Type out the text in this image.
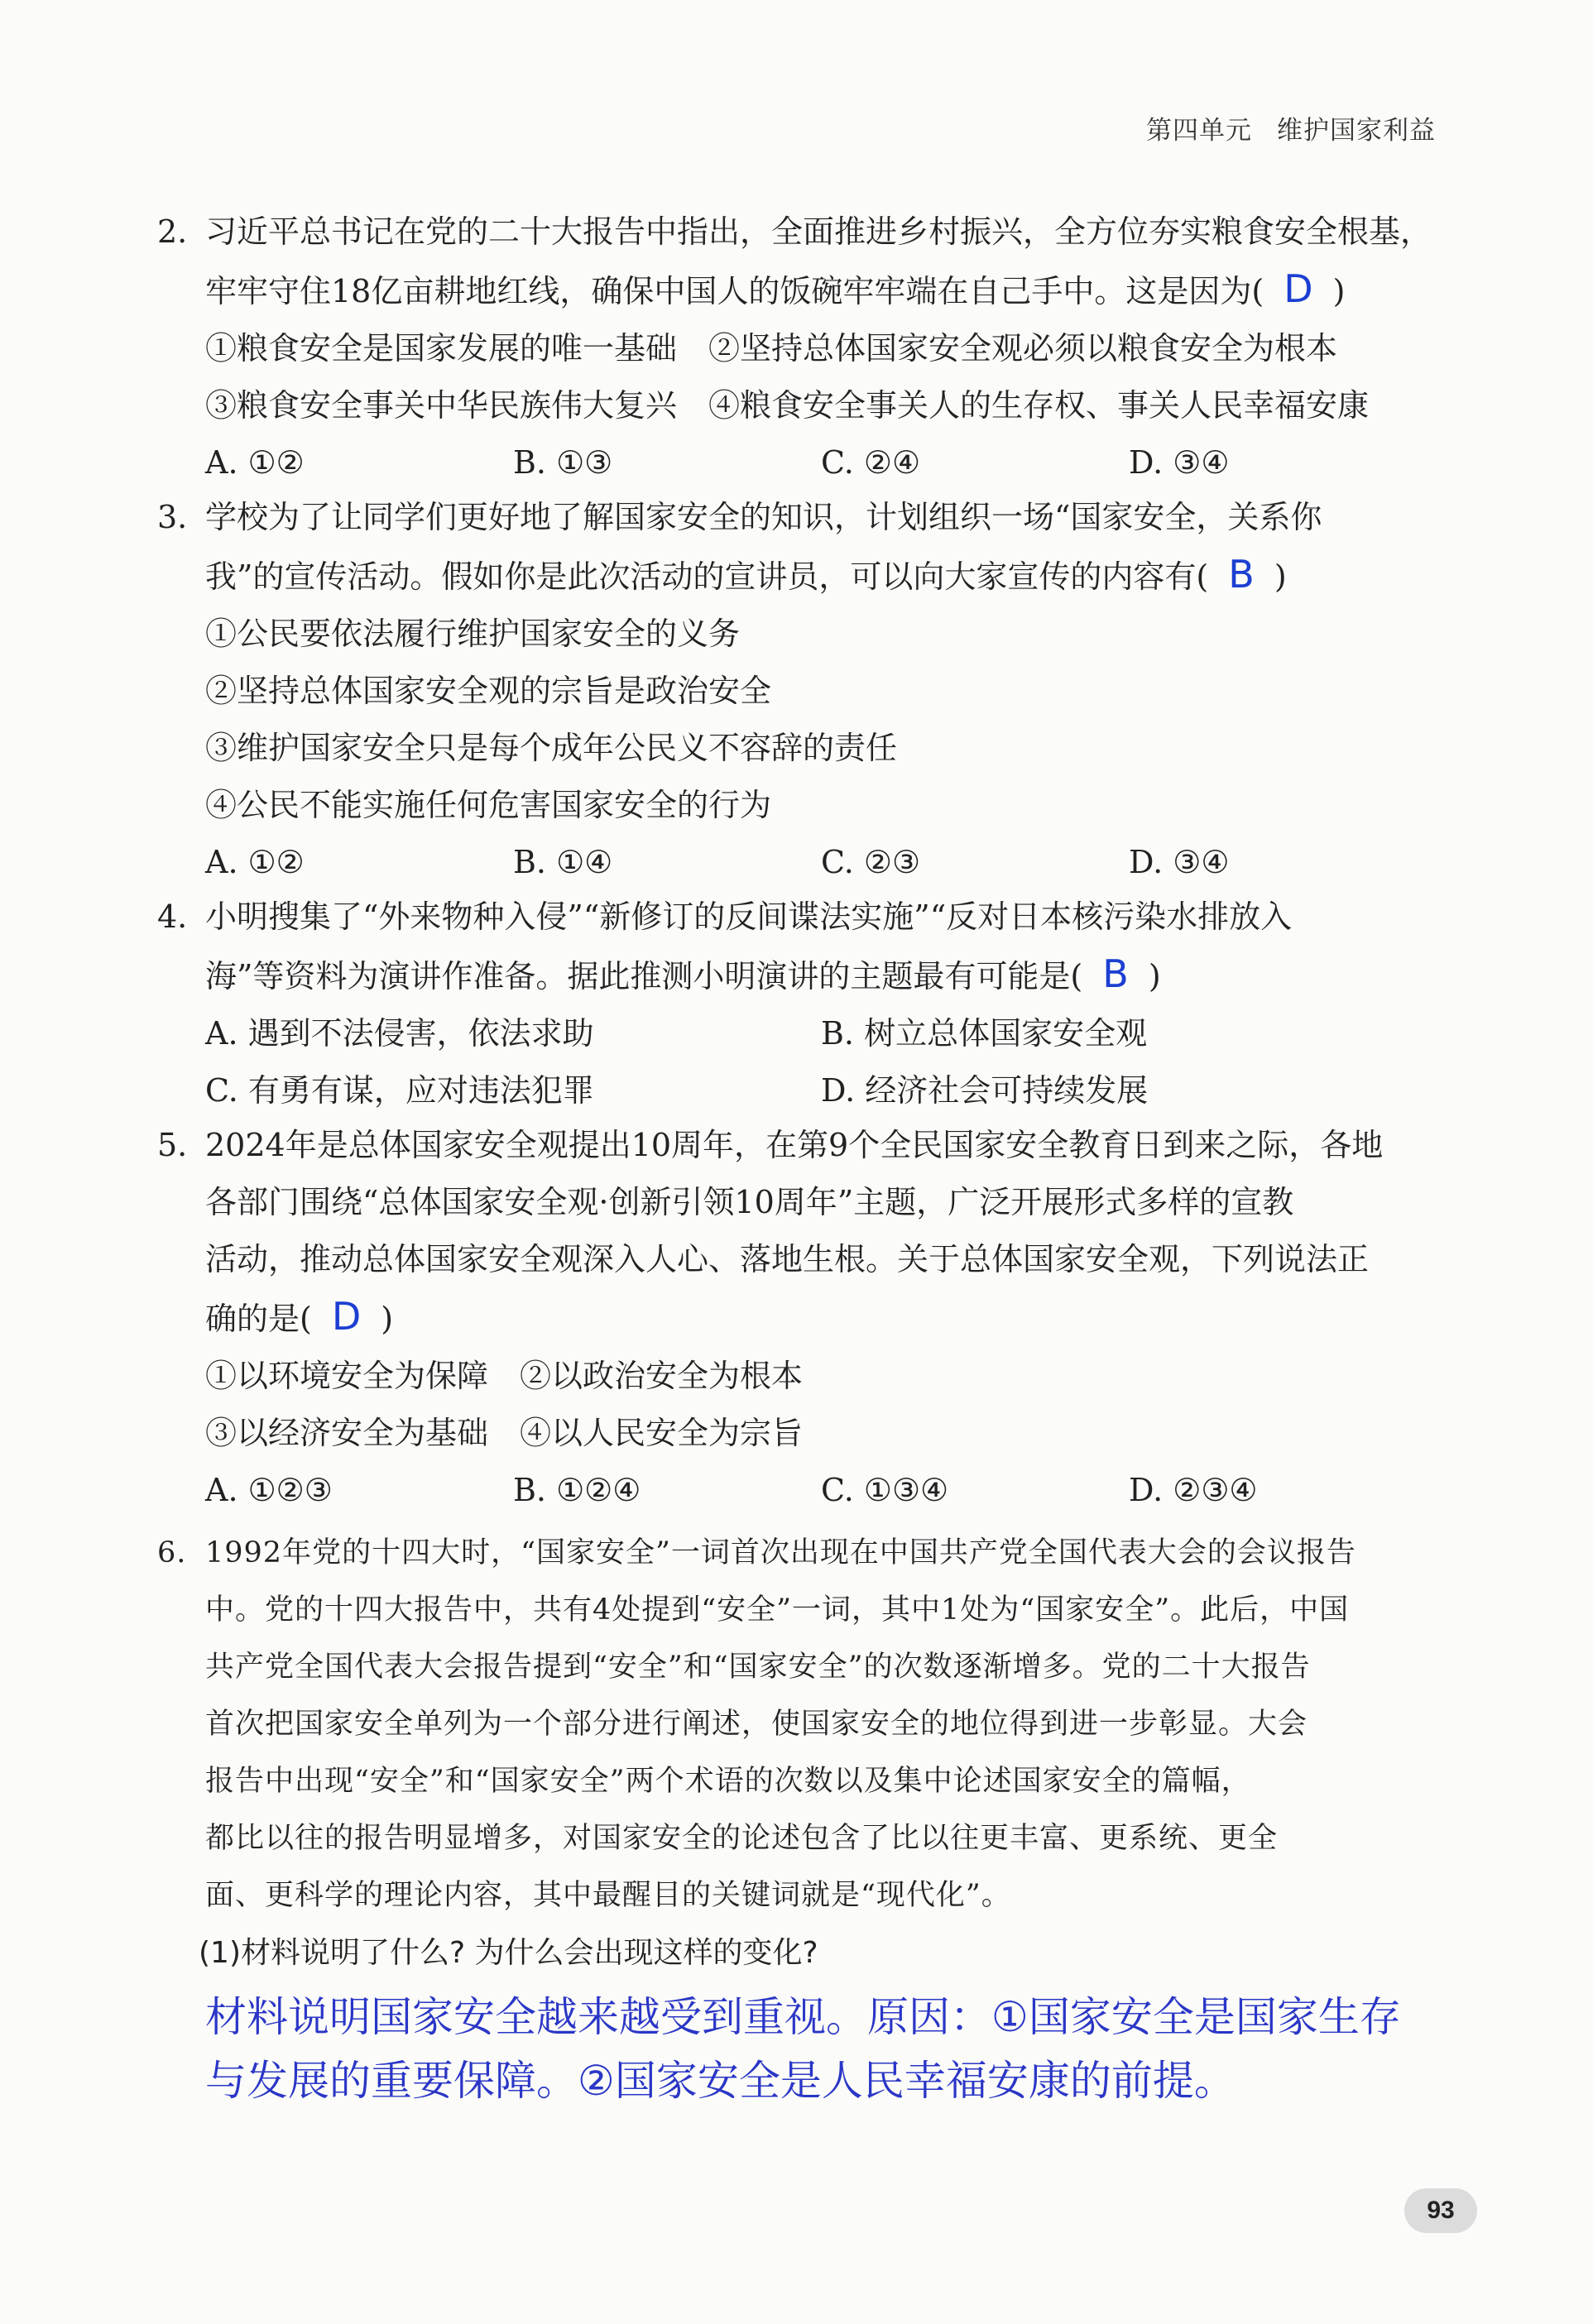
第四单元 维护国家利益
2. 习近平总书记在党的二十大报告中指出，全面推进乡村振兴，全方位夯实粮食安全根基，
牢牢守住18亿亩耕地红线，确保中国人的饭碗牢牢端在自己手中。这是因为( D )
①粮食安全是国家发展的唯一基础　②坚持总体国家安全观必须以粮食安全为根本
③粮食安全事关中华民族伟大复兴　④粮食安全事关人的生存权、事关人民幸福安康
A. ①②	B. ①③	C. ②④	D. ③④
3. 学校为了让同学们更好地了解国家安全的知识，计划组织一场“国家安全，关系你
我”的宣传活动。假如你是此次活动的宣讲员，可以向大家宣传的内容有( B )
①公民要依法履行维护国家安全的义务
②坚持总体国家安全观的宗旨是政治安全
③维护国家安全只是每个成年公民义不容辞的责任
④公民不能实施任何危害国家安全的行为
A. ①②	B. ①④	C. ②③	D. ③④
4. 小明搜集了“外来物种入侵”“新修订的反间谍法实施”“反对日本核污染水排放入
海”等资料为演讲作准备。据此推测小明演讲的主题最有可能是( B )
A. 遇到不法侵害，依法求助	B. 树立总体国家安全观
C. 有勇有谋，应对违法犯罪	D. 经济社会可持续发展
5. 2024年是总体国家安全观提出10周年，在第9个全民国家安全教育日到来之际，各地
各部门围绕“总体国家安全观·创新引领10周年”主题，广泛开展形式多样的宣教
活动，推动总体国家安全观深入人心、落地生根。关于总体国家安全观，下列说法正
确的是( D )
①以环境安全为保障　②以政治安全为根本
③以经济安全为基础　④以人民安全为宗旨
A. ①②③	B. ①②④	C. ①③④	D. ②③④
6. 1992年党的十四大时，“国家安全”一词首次出现在中国共产党全国代表大会的会议报告
中。党的十四大报告中，共有4处提到“安全”一词，其中1处为“国家安全”。此后，中国
共产党全国代表大会报告提到“安全”和“国家安全”的次数逐渐增多。党的二十大报告
首次把国家安全单列为一个部分进行阐述，使国家安全的地位得到进一步彰显。大会
报告中出现“安全”和“国家安全”两个术语的次数以及集中论述国家安全的篇幅，
都比以往的报告明显增多，对国家安全的论述包含了比以往更丰富、更系统、更全
面、更科学的理论内容，其中最醒目的关键词就是“现代化”。
(1)材料说明了什么? 为什么会出现这样的变化?
材料说明国家安全越来越受到重视。原因：①国家安全是国家生存
与发展的重要保障。②国家安全是人民幸福安康的前提。
93
